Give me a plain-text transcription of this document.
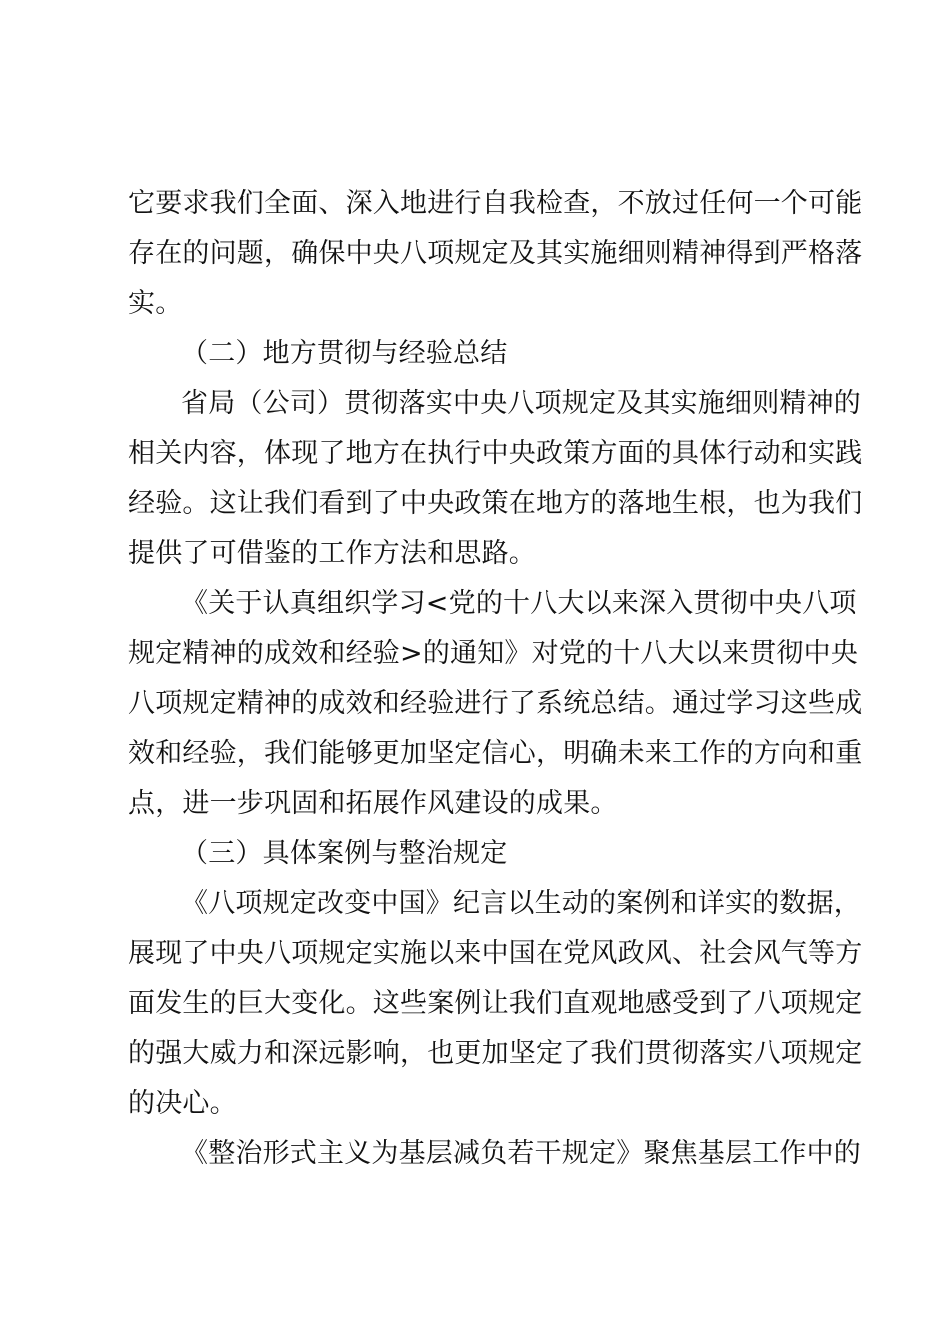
它要求我们全面、深入地进行自我检查，不放过任何一个可能
存在的问题，确保中央八项规定及其实施细则精神得到严格落
实。
（二）地方贯彻与经验总结
省局（公司）贯彻落实中央八项规定及其实施细则精神的
相关内容，体现了地方在执行中央政策方面的具体行动和实践
经验。这让我们看到了中央政策在地方的落地生根，也为我们
提供了可借鉴的工作方法和思路。
《关于认真组织学习<党的十八大以来深入贯彻中央八项
规定精神的成效和经验>的通知》对党的十八大以来贯彻中央
八项规定精神的成效和经验进行了系统总结。通过学习这些成
效和经验，我们能够更加坚定信心，明确未来工作的方向和重
点，进一步巩固和拓展作风建设的成果。
（三）具体案例与整治规定
《八项规定改变中国》纪言以生动的案例和详实的数据，
展现了中央八项规定实施以来中国在党风政风、社会风气等方
面发生的巨大变化。这些案例让我们直观地感受到了八项规定
的强大威力和深远影响，也更加坚定了我们贯彻落实八项规定
的决心。
《整治形式主义为基层减负若干规定》聚焦基层工作中的
